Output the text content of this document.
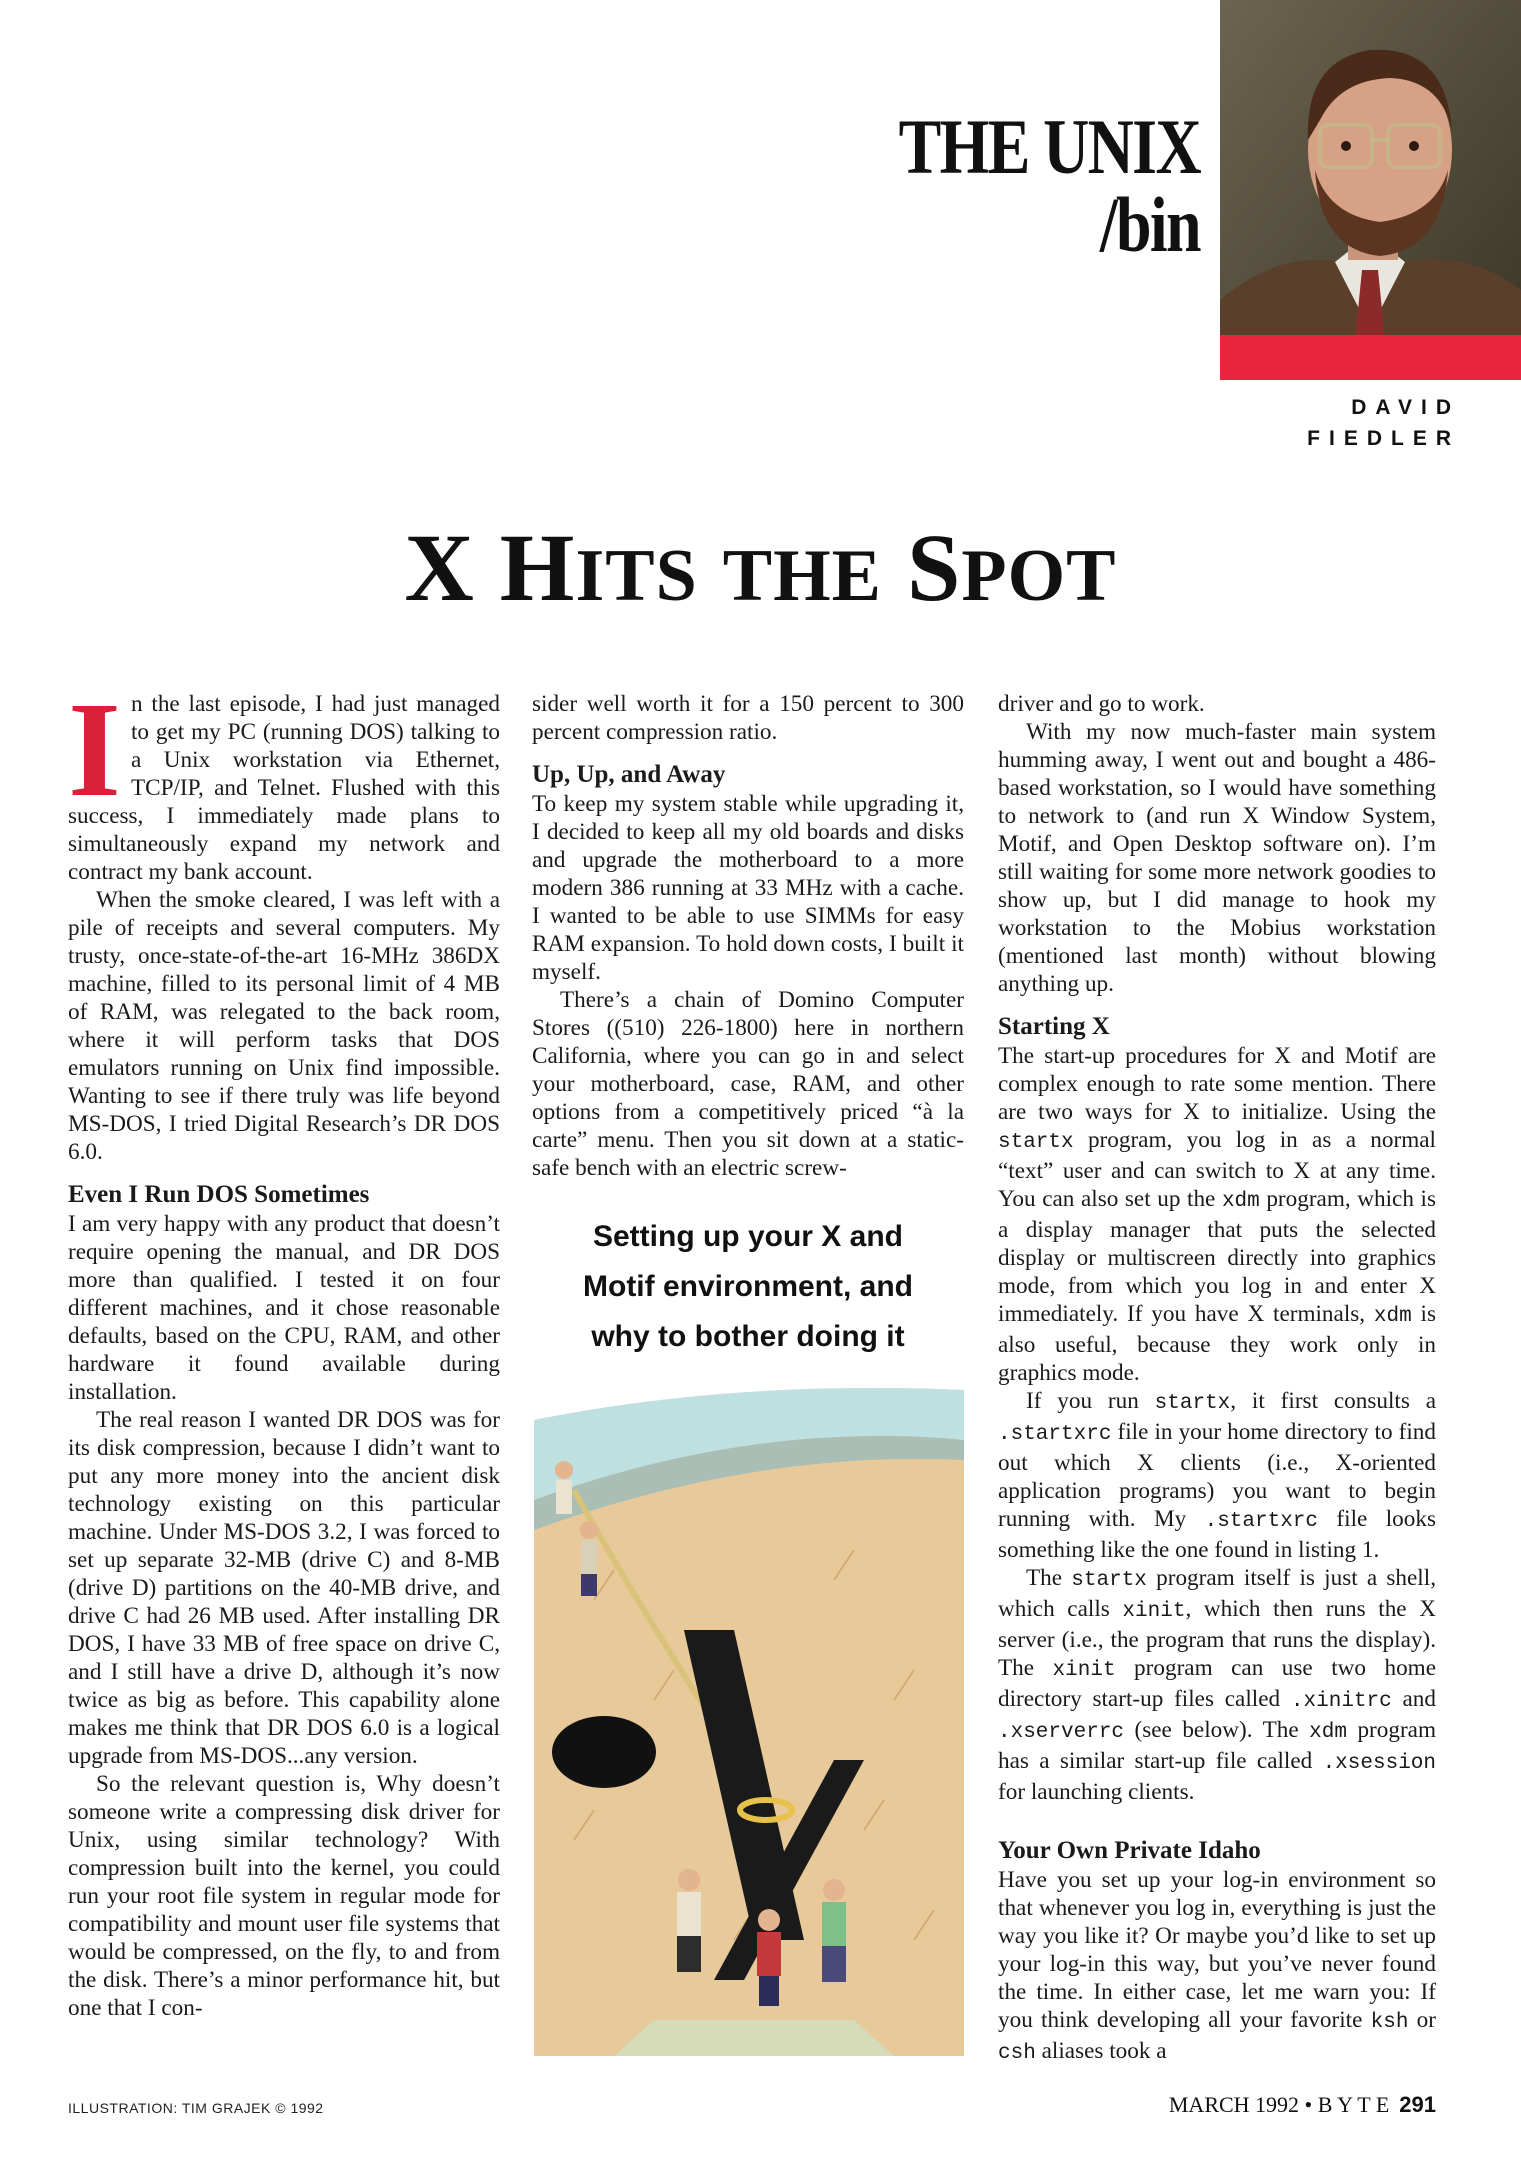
THE UNIX /bin
DAVID
FIEDLER
X HITS THE SPOT

In the last episode, I had just managed to get my PC (running DOS) talking to a Unix workstation via Ethernet, TCP/IP, and Telnet. Flushed with this success, I immediately made plans to simultaneously expand my network and contract my bank account.

When the smoke cleared, I was left with a pile of receipts and several computers. My trusty, once-state-of-the-art 16-MHz 386DX machine, filled to its personal limit of 4 MB of RAM, was relegated to the back room, where it will perform tasks that DOS emulators running on Unix find impossible. Wanting to see if there truly was life beyond MS-DOS, I tried Digital Research’s DR DOS 6.0.

Even I Run DOS Sometimes

I am very happy with any product that doesn’t require opening the manual, and DR DOS more than qualified. I tested it on four different machines, and it chose reasonable defaults, based on the CPU, RAM, and other hardware it found available during installation.

The real reason I wanted DR DOS was for its disk compression, because I didn’t want to put any more money into the ancient disk technology existing on this particular machine. Under MS-DOS 3.2, I was forced to set up separate 32-MB (drive C) and 8-MB (drive D) partitions on the 40-MB drive, and drive C had 26 MB used. After installing DR DOS, I have 33 MB of free space on drive C, and I still have a drive D, although it’s now twice as big as before. This capability alone makes me think that DR DOS 6.0 is a logical upgrade from MS-DOS...any version.

So the relevant question is, Why doesn’t someone write a compressing disk driver for Unix, using similar technology? With compression built into the kernel, you could run your root file system in regular mode for compatibility and mount user file systems that would be compressed, on the fly, to and from the disk. There’s a minor performance hit, but one that I con-

sider well worth it for a 150 percent to 300 percent compression ratio.

Up, Up, and Away

To keep my system stable while upgrading it, I decided to keep all my old boards and disks and upgrade the motherboard to a more modern 386 running at 33 MHz with a cache. I wanted to be able to use SIMMs for easy RAM expansion. To hold down costs, I built it myself.

There’s a chain of Domino Computer Stores ((510) 226-1800) here in northern California, where you can go in and select your motherboard, case, RAM, and other options from a competitively priced “à la carte” menu. Then you sit down at a static-safe bench with an electric screw-

Setting up your X and
Motif environment, and
why to bother doing it

driver and go to work.

With my now much-faster main system humming away, I went out and bought a 486-based workstation, so I would have something to network to (and run X Window System, Motif, and Open Desktop software on). I’m still waiting for some more network goodies to show up, but I did manage to hook my workstation to the Mobius workstation (mentioned last month) without blowing anything up.

Starting X

The start-up procedures for X and Motif are complex enough to rate some mention. There are two ways for X to initialize. Using the startx program, you log in as a normal “text” user and can switch to X at any time. You can also set up the xdm program, which is a display manager that puts the selected display or multiscreen directly into graphics mode, from which you log in and enter X immediately. If you have X terminals, xdm is also useful, because they work only in graphics mode.

If you run startx, it first consults a .startxrc file in your home directory to find out which X clients (i.e., X-oriented application programs) you want to begin running with. My .startxrc file looks something like the one found in listing 1.

The startx program itself is just a shell, which calls xinit, which then runs the X server (i.e., the program that runs the display). The xinit program can use two home directory start-up files called .xinitrc and .xserverrc (see below). The xdm program has a similar start-up file called .xsession for launching clients.

Your Own Private Idaho

Have you set up your log-in environment so that whenever you log in, everything is just the way you like it? Or maybe you’d like to set up your log-in this way, but you’ve never found the time. In either case, let me warn you: If you think developing all your favorite ksh or csh aliases took a

ILLUSTRATION: TIM GRAJEK © 1992	MARCH 1992 • B Y T E 291
